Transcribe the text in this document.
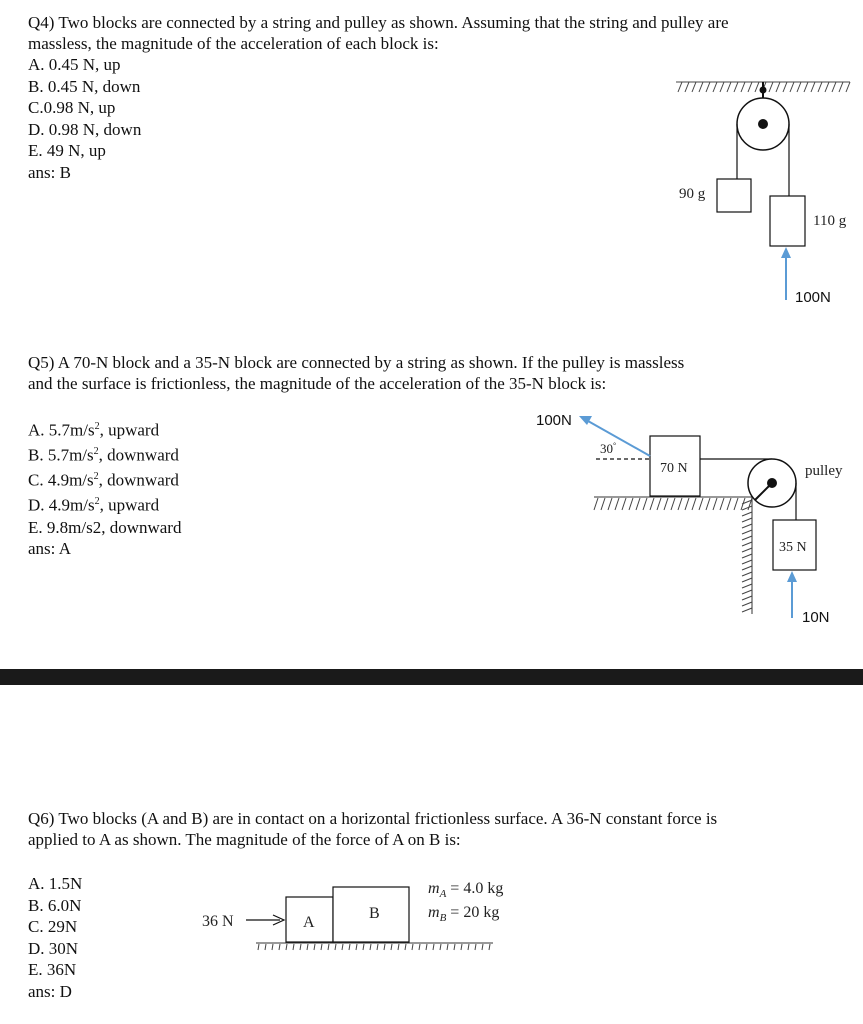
Q4) Two blocks are connected by a string and pulley as shown. Assuming that the string and pulley are
massless, the magnitude of the acceleration of each block is:
A. 0.45 N, up
B. 0.45 N, down
C.0.98 N, up
D. 0.98 N, down
E. 49 N, up
ans: B
90 g
110 g
100N
Q5) A 70-N block and a 35-N block are connected by a string as shown. If the pulley is massless
and the surface is frictionless, the magnitude of the acceleration of the 35-N block is:
A. $5.7m/s^2$, upward
B. $5.7m/s^2$, downward
C. $4.9m/s^2$, downward
D. $4.9m/s^2$, upward
E. 9.8m/s2, downward
ans: A
100N
30°
70 N	pulley
35 N
10N
Q6) Two blocks (A and B) are in contact on a horizontal frictionless surface. A 36-N constant force is
applied to A as shown. The magnitude of the force of A on B is:
A. 1.5N
B. 6.0N
C. 29N
D. 30N
E. 36N
ans: D
36 N	A
B
$m_A = 4.0$ kg
$m_B = 20$ kg
